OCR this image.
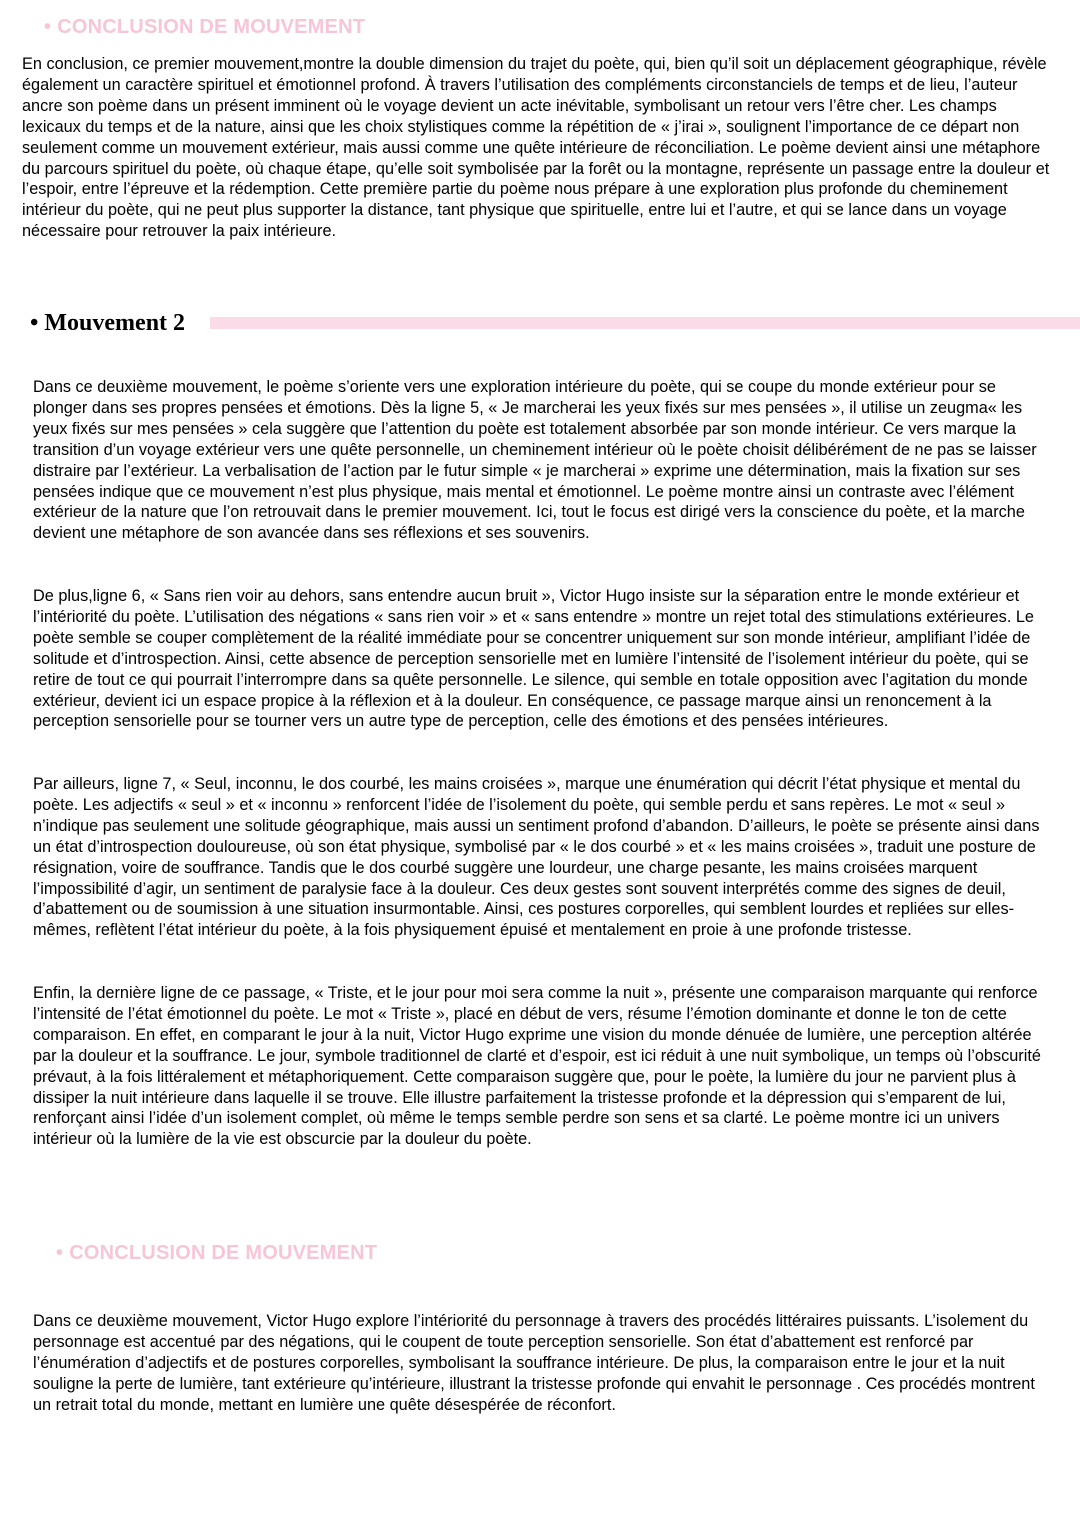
• CONCLUSION DE MOUVEMENT

En conclusion, ce premier mouvement,montre la double dimension du trajet du poète, qui, bien qu’il soit un déplacement géographique, révèle également un caractère spirituel et émotionnel profond. À travers l’utilisation des compléments circonstanciels de temps et de lieu, l’auteur ancre son poème dans un présent imminent où le voyage devient un acte inévitable, symbolisant un retour vers l’être cher. Les champs lexicaux du temps et de la nature, ainsi que les choix stylistiques comme la répétition de « j’irai », soulignent l’importance de ce départ non seulement comme un mouvement extérieur, mais aussi comme une quête intérieure de réconciliation. Le poème devient ainsi une métaphore du parcours spirituel du poète, où chaque étape, qu’elle soit symbolisée par la forêt ou la montagne, représente un passage entre la douleur et l’espoir, entre l’épreuve et la rédemption. Cette première partie du poème nous prépare à une exploration plus profonde du cheminement intérieur du poète, qui ne peut plus supporter la distance, tant physique que spirituelle, entre lui et l’autre, et qui se lance dans un voyage nécessaire pour retrouver la paix intérieure.

• Mouvement 2

Dans ce deuxième mouvement, le poème s’oriente vers une exploration intérieure du poète, qui se coupe du monde extérieur pour se plonger dans ses propres pensées et émotions. Dès la ligne 5, « Je marcherai les yeux fixés sur mes pensées », il utilise un zeugma« les yeux fixés sur mes pensées » cela suggère que l’attention du poète est totalement absorbée par son monde intérieur. Ce vers marque la transition d’un voyage extérieur vers une quête personnelle, un cheminement intérieur où le poète choisit délibérément de ne pas se laisser distraire par l’extérieur. La verbalisation de l’action par le futur simple « je marcherai » exprime une détermination, mais la fixation sur ses pensées indique que ce mouvement n’est plus physique, mais mental et émotionnel. Le poème montre ainsi un contraste avec l’élément extérieur de la nature que l’on retrouvait dans le premier mouvement. Ici, tout le focus est dirigé vers la conscience du poète, et la marche devient une métaphore de son avancée dans ses réflexions et ses souvenirs.

De plus,ligne 6, « Sans rien voir au dehors, sans entendre aucun bruit », Victor Hugo insiste sur la séparation entre le monde extérieur et l’intériorité du poète. L’utilisation des négations « sans rien voir » et « sans entendre » montre un rejet total des stimulations extérieures. Le poète semble se couper complètement de la réalité immédiate pour se concentrer uniquement sur son monde intérieur, amplifiant l’idée de solitude et d’introspection. Ainsi, cette absence de perception sensorielle met en lumière l’intensité de l’isolement intérieur du poète, qui se retire de tout ce qui pourrait l’interrompre dans sa quête personnelle. Le silence, qui semble en totale opposition avec l’agitation du monde extérieur, devient ici un espace propice à la réflexion et à la douleur. En conséquence, ce passage marque ainsi un renoncement à la perception sensorielle pour se tourner vers un autre type de perception, celle des émotions et des pensées intérieures.

Par ailleurs, ligne 7, « Seul, inconnu, le dos courbé, les mains croisées », marque une énumération qui décrit l’état physique et mental du poète. Les adjectifs « seul » et « inconnu » renforcent l’idée de l’isolement du poète, qui semble perdu et sans repères. Le mot « seul » n’indique pas seulement une solitude géographique, mais aussi un sentiment profond d’abandon. D’ailleurs, le poète se présente ainsi dans un état d’introspection douloureuse, où son état physique, symbolisé par « le dos courbé » et « les mains croisées », traduit une posture de résignation, voire de souffrance. Tandis que le dos courbé suggère une lourdeur, une charge pesante, les mains croisées marquent l’impossibilité d’agir, un sentiment de paralysie face à la douleur. Ces deux gestes sont souvent interprétés comme des signes de deuil, d’abattement ou de soumission à une situation insurmontable. Ainsi, ces postures corporelles, qui semblent lourdes et repliées sur elles-mêmes, reflètent l’état intérieur du poète, à la fois physiquement épuisé et mentalement en proie à une profonde tristesse.

Enfin, la dernière ligne de ce passage, « Triste, et le jour pour moi sera comme la nuit », présente une comparaison marquante qui renforce l’intensité de l’état émotionnel du poète. Le mot « Triste », placé en début de vers, résume l’émotion dominante et donne le ton de cette comparaison. En effet, en comparant le jour à la nuit, Victor Hugo exprime une vision du monde dénuée de lumière, une perception altérée par la douleur et la souffrance. Le jour, symbole traditionnel de clarté et d’espoir, est ici réduit à une nuit symbolique, un temps où l’obscurité prévaut, à la fois littéralement et métaphoriquement. Cette comparaison suggère que, pour le poète, la lumière du jour ne parvient plus à dissiper la nuit intérieure dans laquelle il se trouve. Elle illustre parfaitement la tristesse profonde et la dépression qui s’emparent de lui, renforçant ainsi l’idée d’un isolement complet, où même le temps semble perdre son sens et sa clarté. Le poème montre ici un univers intérieur où la lumière de la vie est obscurcie par la douleur du poète.

• CONCLUSION DE MOUVEMENT

Dans ce deuxième mouvement, Victor Hugo explore l’intériorité du personnage à travers des procédés littéraires puissants. L’isolement du personnage est accentué par des négations, qui le coupent de toute perception sensorielle. Son état d’abattement est renforcé par l’énumération d’adjectifs et de postures corporelles, symbolisant la souffrance intérieure. De plus, la comparaison entre le jour et la nuit souligne la perte de lumière, tant extérieure qu’intérieure, illustrant la tristesse profonde qui envahit le personnage . Ces procédés montrent un retrait total du monde, mettant en lumière une quête désespérée de réconfort.
